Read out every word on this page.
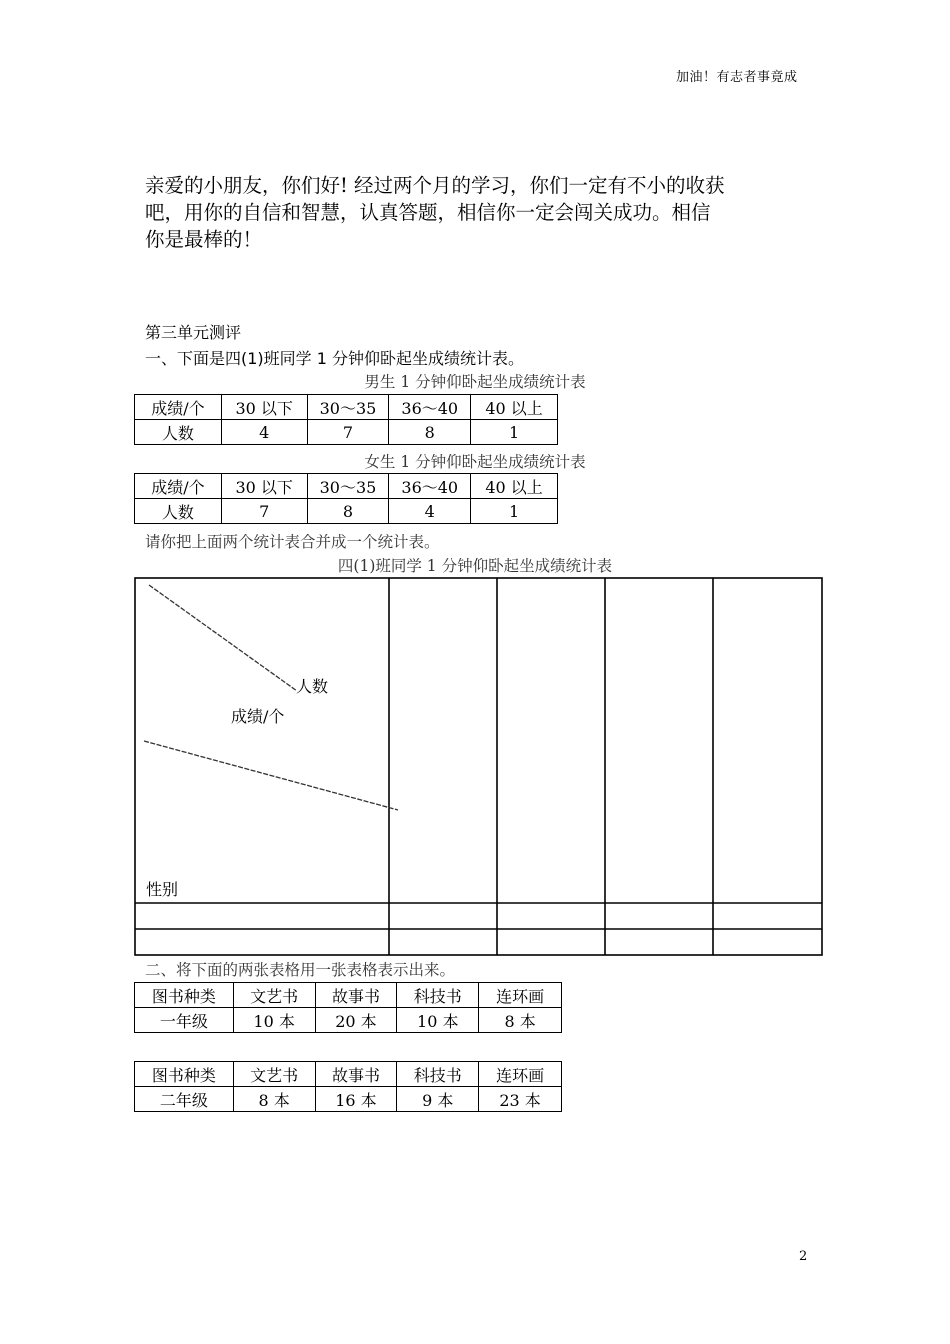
加油！有志者事竟成
亲爱的小朋友，你们好! 经过两个月的学习，你们一定有不小的收获
吧，用你的自信和智慧，认真答题，相信你一定会闯关成功。相信
你是最棒的！
第三单元测评
一、下面是四(1)班同学 1 分钟仰卧起坐成绩统计表。
男生 1 分钟仰卧起坐成绩统计表
成绩/个	30 以下	30～35	36～40	40 以上
人数	4	7	8	1
女生 1 分钟仰卧起坐成绩统计表
成绩/个	30 以下	30～35	36～40	40 以上
人数	7	8	4	1
请你把上面两个统计表合并成一个统计表。
四(1)班同学 1 分钟仰卧起坐成绩统计表
人数
成绩/个
性别
二、将下面的两张表格用一张表格表示出来。
图书种类	文艺书	故事书	科技书	连环画
一年级	10 本	20 本	10 本	8 本
图书种类	文艺书	故事书	科技书	连环画
二年级	8 本	16 本	9 本	23 本
2
